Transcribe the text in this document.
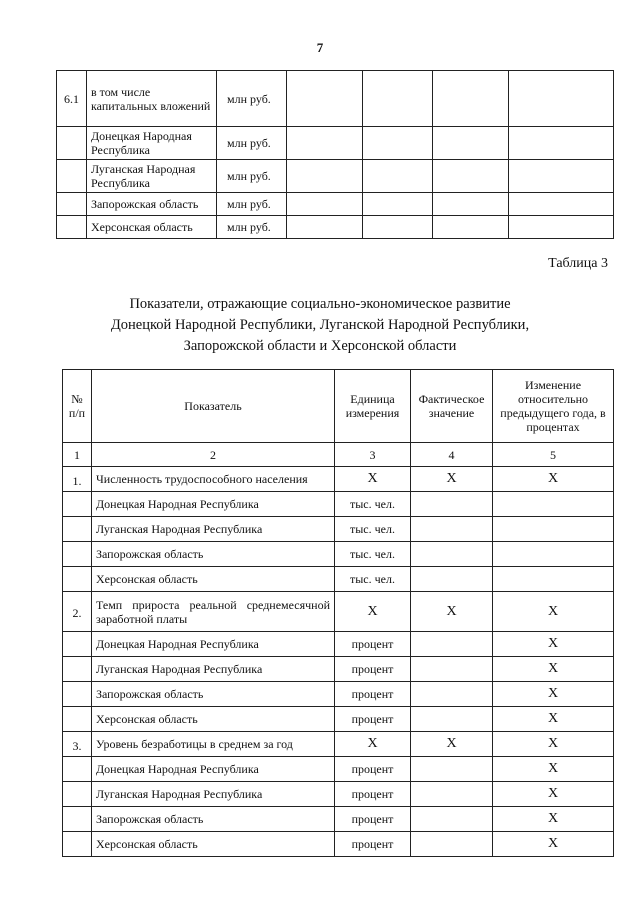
7
6.1	в том числе капитальных вложений	млн руб.				
	Донецкая Народная Республика	млн руб.				
	Луганская Народная Республика	млн руб.				
	Запорожская область	млн руб.				
	Херсонская область	млн руб.				
Таблица 3
Показатели, отражающие социально-экономическое развитие
Донецкой Народной Республики, Луганской Народной Республики,
Запорожской области и Херсонской области
№ п/п	Показатель	Единица измерения	Фактическое значение	Изменение относительно предыдущего года, в процентах
1	2	3	4	5
1.	Численность трудоспособного населения	X	X	X
	Донецкая Народная Республика	тыс. чел.		
	Луганская Народная Республика	тыс. чел.		
	Запорожская область	тыс. чел.		
	Херсонская область	тыс. чел.		
2.	Темп прироста реальной среднемесячной заработной платы	X	X	X
	Донецкая Народная Республика	процент		X
	Луганская Народная Республика	процент		X
	Запорожская область	процент		X
	Херсонская область	процент		X
3.	Уровень безработицы в среднем за год	X	X	X
	Донецкая Народная Республика	процент		X
	Луганская Народная Республика	процент		X
	Запорожская область	процент		X
	Херсонская область	процент		X
